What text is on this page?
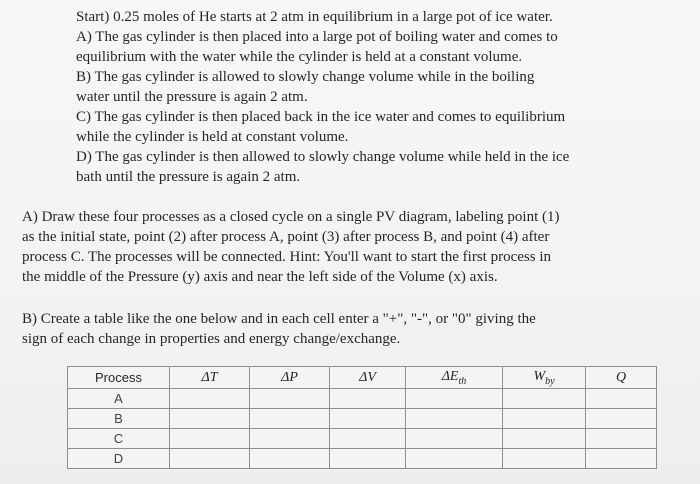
Start) 0.25 moles of He starts at 2 atm in equilibrium in a large pot of ice water.
A) The gas cylinder is then placed into a large pot of boiling water and comes to
equilibrium with the water while the cylinder is held at a constant volume.
B) The gas cylinder is allowed to slowly change volume while in the boiling
water until the pressure is again 2 atm.
C) The gas cylinder is then placed back in the ice water and comes to equilibrium
while the cylinder is held at constant volume.
D) The gas cylinder is then allowed to slowly change volume while held in the ice
bath until the pressure is again 2 atm.
A) Draw these four processes as a closed cycle on a single PV diagram, labeling point (1)
as the initial state, point (2) after process A, point (3) after process B, and point (4) after
process C. The processes will be connected. Hint: You'll want to start the first process in
the middle of the Pressure (y) axis and near the left side of the Volume (x) axis.
B) Create a table like the one below and in each cell enter a "+", "-", or "0" giving the
sign of each change in properties and energy change/exchange.
Process	ΔT	ΔP	ΔV	$\Delta E_{th}$	$W_{by}$	Q
A						
B						
C						
D						
